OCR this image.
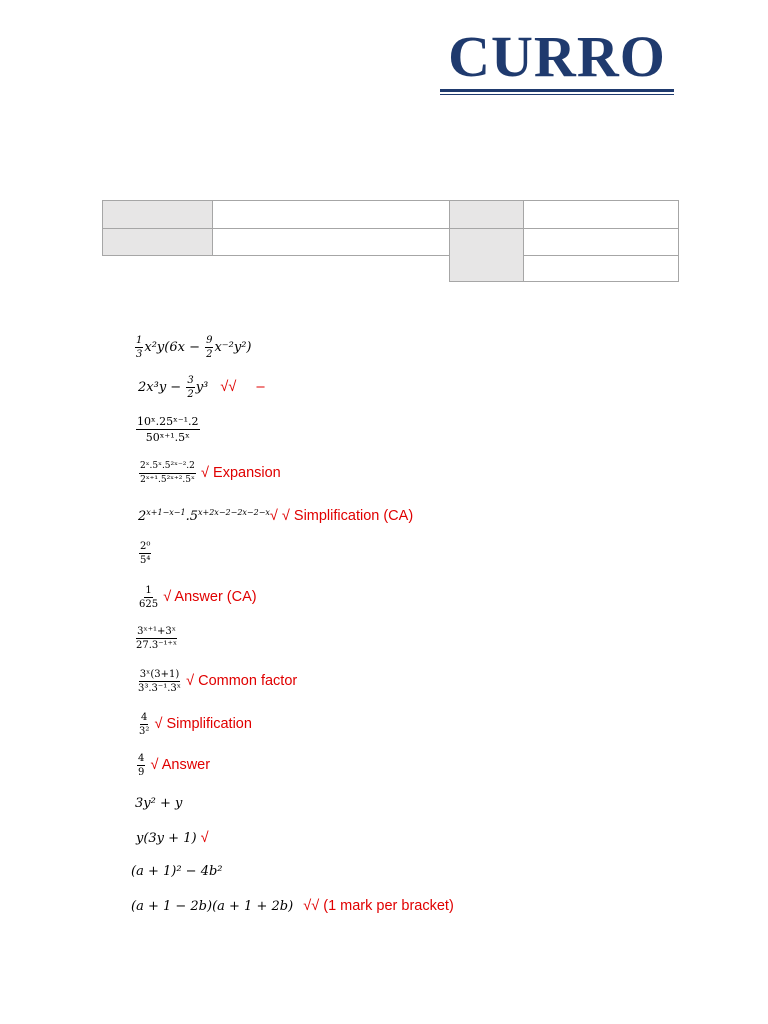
CURRO
$\frac{1}{3} x^2y(6x - \frac{9}{2} x^{-2}y^2)$
$2x^3y - \frac{3}{2} y^3$ √√ –
$\frac{\text{10ˣ.25ˣ⁻¹.2}}{\text{50ˣ⁺¹.5ˣ}}$
$\frac{\text{2ˣ.5ˣ.5²ˣ⁻².2}}{\text{2ˣ⁺¹.5²ˣ⁺².5ˣ}}$ √ Expansion
$2^{x+1-x-1}.5^{x+2x-2-2x-2-x}√$ √ Simplification (CA)
$\frac{\text{2⁰}}{\text{5⁴}}$
$\frac{1}{625}$ √ Answer (CA)
$\frac{\text{3ˣ⁺¹+3ˣ}}{\text{27.3⁻¹⁺ˣ}}$
$\frac{\text{3ˣ(3+1)}}{\text{3³.3⁻¹.3ˣ}}$ √ Common factor
$\frac{4}{\text{3²}}$ √ Simplification
$\frac{4}{9}$ √ Answer
3y² + y
y(3y + 1) √
(a + 1)² − 4b²
(a + 1 − 2b)(a + 1 + 2b) √√ (1 mark per bracket)
